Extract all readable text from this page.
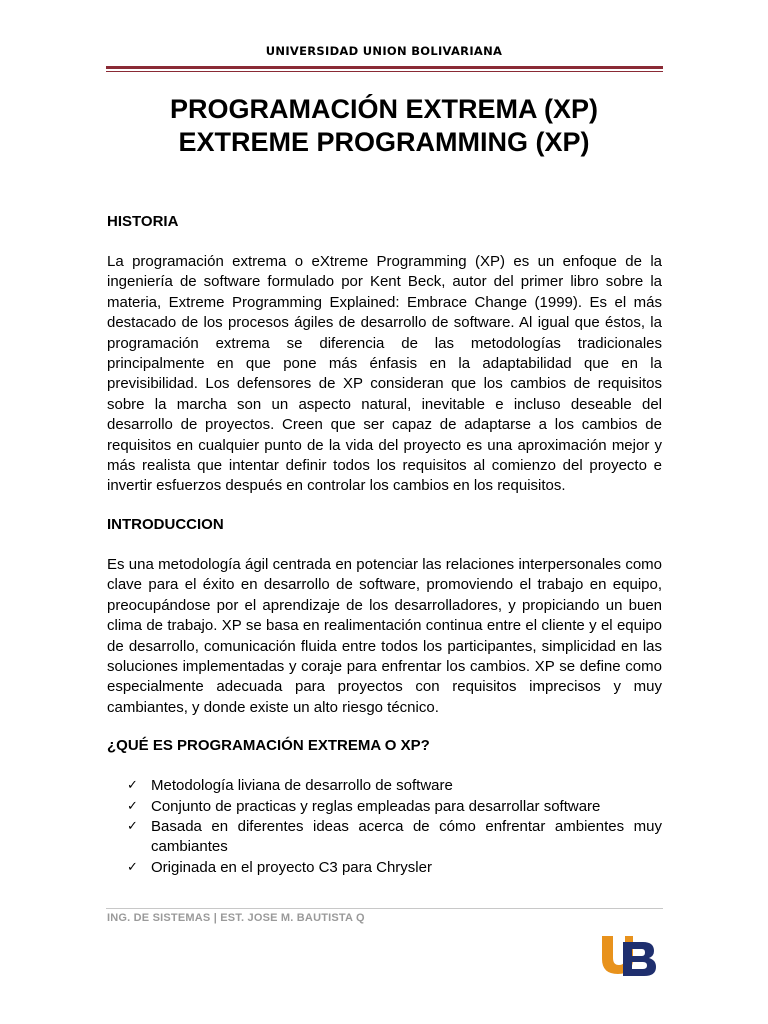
UNIVERSIDAD UNION BOLIVARIANA
PROGRAMACIÓN EXTREMA (XP)
EXTREME PROGRAMMING (XP)
HISTORIA

La programación extrema o eXtreme Programming (XP) es un enfoque de la ingeniería de software formulado por Kent Beck, autor del primer libro sobre la materia, Extreme Programming Explained: Embrace Change (1999). Es el más destacado de los procesos ágiles de desarrollo de software. Al igual que éstos, la programación extrema se diferencia de las metodologías tradicionales principalmente en que pone más énfasis en la adaptabilidad que en la previsibilidad. Los defensores de XP consideran que los cambios de requisitos sobre la marcha son un aspecto natural, inevitable e incluso deseable del desarrollo de proyectos. Creen que ser capaz de adaptarse a los cambios de requisitos en cualquier punto de la vida del proyecto es una aproximación mejor y más realista que intentar definir todos los requisitos al comienzo del proyecto e invertir esfuerzos después en controlar los cambios en los requisitos.

INTRODUCCION

Es una metodología ágil centrada en potenciar las relaciones interpersonales como clave para el éxito en desarrollo de software, promoviendo el trabajo en equipo, preocupándose por el aprendizaje de los desarrolladores, y propiciando un buen clima de trabajo. XP se basa en realimentación continua entre el cliente y el equipo de desarrollo, comunicación fluida entre todos los participantes, simplicidad en las soluciones implementadas y coraje para enfrentar los cambios. XP se define como especialmente adecuada para proyectos con requisitos imprecisos y muy cambiantes, y donde existe un alto riesgo técnico.

¿QUÉ ES PROGRAMACIÓN EXTREMA O XP?
✓ Metodología liviana de desarrollo de software
✓ Conjunto de practicas y reglas empleadas para desarrollar software
✓ Basada en diferentes ideas acerca de cómo enfrentar ambientes muy cambiantes
✓ Originada en el proyecto C3 para Chrysler
ING. DE SISTEMAS | EST. JOSE M. BAUTISTA Q
